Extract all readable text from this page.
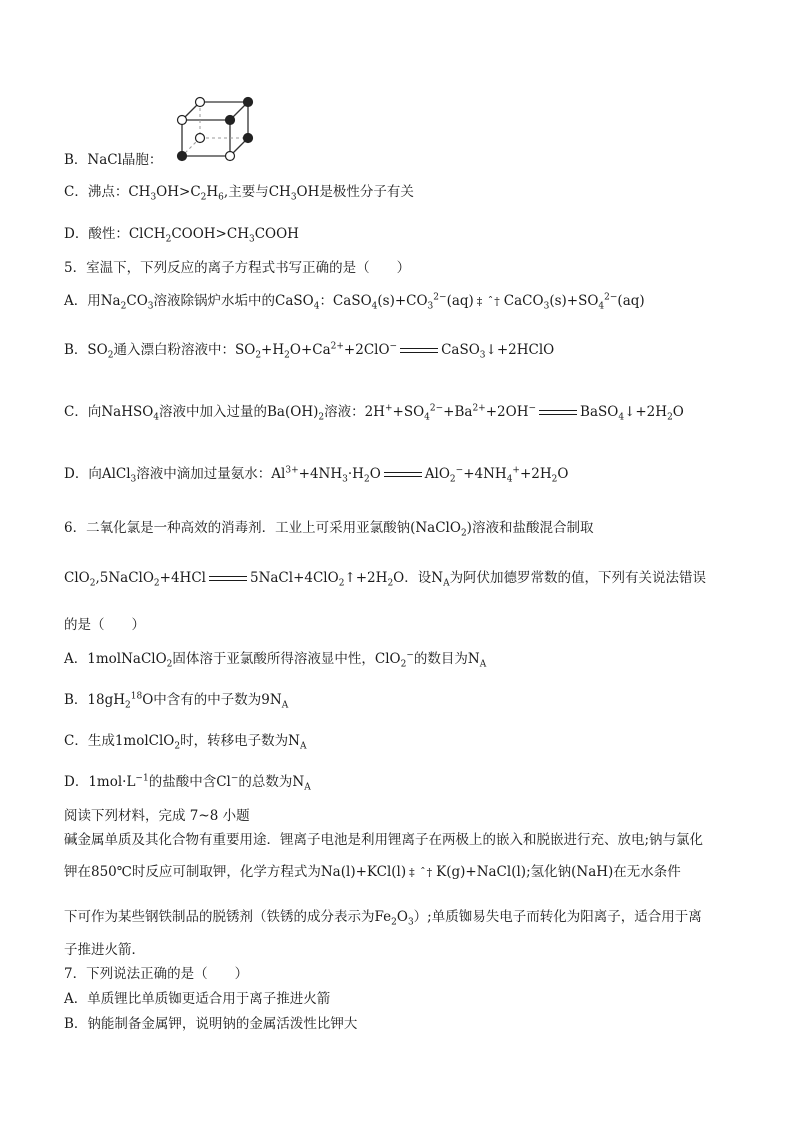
B．NaCl晶胞：
C．沸点：$CH_3OH>C_2H_6$,主要与$CH_3OH$是极性分子有关
D．酸性：$ClCH_2COOH>CH_3COOH$
5．室温下，下列反应的离子方程式书写正确的是（　　）
A．用$Na_2CO_3$溶液除锅炉水垢中的CaSO$_4$：$CaSO_4(s)+CO_3^{2-}(aq)$ ‡ ˆ† $CaCO_3(s)+SO_4^{2-}(aq)$
B．$SO_2$通入漂白粉溶液中：$SO_2+H_2O+Ca^{2+}+2ClO^-$	CaSO$_3$↓+2HClO
C．向NaHSO$_4$溶液中加入过量的$Ba(OH)_2$溶液：$2H^++SO_4^{2-}+Ba^{2+}+2OH^-$	$BaSO_4↓+2H_2O$
D．向AlCl$_3$溶液中滴加过量氨水：$Al^{3+}+4NH_3\cdot H_2O$	$AlO_2^-+4NH_4^++2H_2O$
6．二氧化氯是一种高效的消毒剂．工业上可采用亚氯酸钠(NaClO$_2$)溶液和盐酸混合制取
ClO$_2$,5NaClO$_2$+4HCl	$5NaCl+4ClO_2↑+2H_2O$．设$N_A$为阿伏加德罗常数的值，下列有关说法错误
的是（　　）
A．1molNaClO$_2$固体溶于亚氯酸所得溶液显中性，ClO$_2$−的数目为$N_A$
B．$18gH_2^{18}O$中含有的中子数为$9N_A$
C．生成1molClO$_2$时，转移电子数为$N_A$
D．$1mol\cdot L^{-1}$的盐酸中含Cl−的总数为$N_A$
阅读下列材料，完成 7~8 小题
碱金属单质及其化合物有重要用途．锂离子电池是利用锂离子在两极上的嵌入和脱嵌进行充、放电;钠与氯化
钾在850℃时反应可制取钾，化学方程式为Na(l)+KCl(l) ‡ ˆ† K(g)+NaCl(l);氢化钠(NaH)在无水条件
下可作为某些钢铁制品的脱锈剂（铁锈的成分表示为$Fe_2O_3$）;单质铷易失电子而转化为阳离子，适合用于离
子推进火箭．
7．下列说法正确的是（　　）
A．单质锂比单质铷更适合用于离子推进火箭
B．钠能制备金属钾，说明钠的金属活泼性比钾大
